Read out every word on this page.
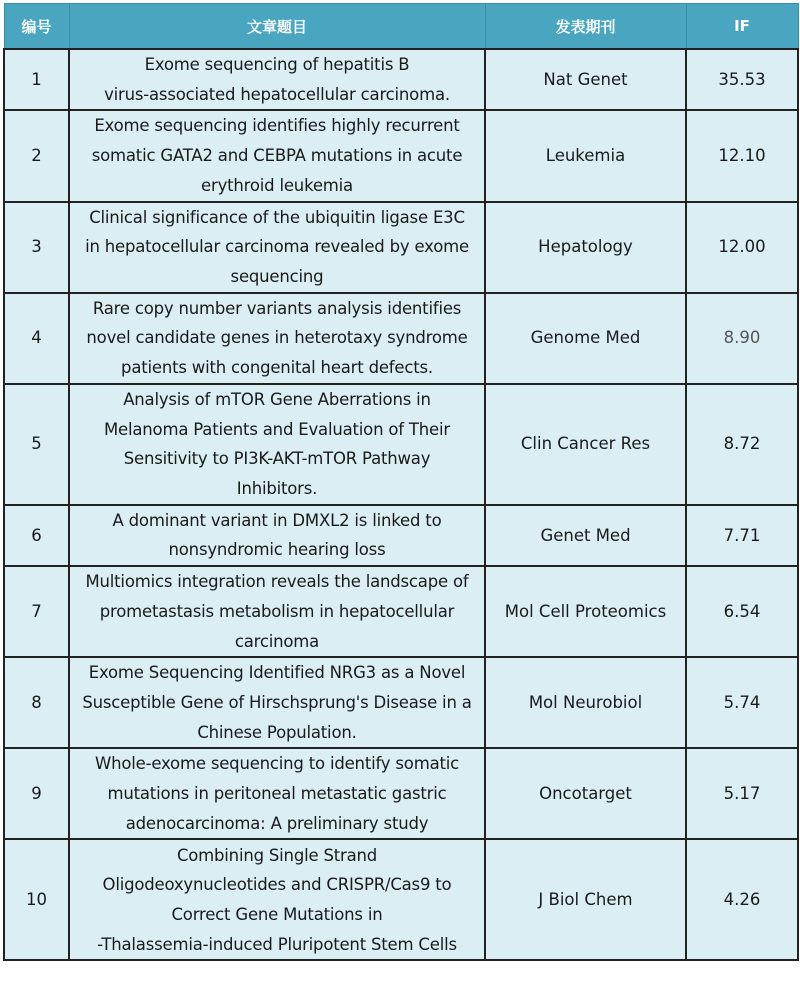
编号	文章题目	发表期刊	IF
1	Exome sequencing of hepatitis B
virus-associated hepatocellular carcinoma.	Nat Genet	35.53
2	Exome sequencing identifies highly recurrent
somatic GATA2 and CEBPA mutations in acute
erythroid leukemia	Leukemia	12.10
3	Clinical significance of the ubiquitin ligase E3C
in hepatocellular carcinoma revealed by exome
sequencing	Hepatology	12.00
4	Rare copy number variants analysis identifies
novel candidate genes in heterotaxy syndrome
patients with congenital heart defects.	Genome Med	8.90
5	Analysis of mTOR Gene Aberrations in
Melanoma Patients and Evaluation of Their
Sensitivity to PI3K-AKT-mTOR Pathway
Inhibitors.	Clin Cancer Res	8.72
6	A dominant variant in DMXL2 is linked to
nonsyndromic hearing loss	Genet Med	7.71
7	Multiomics integration reveals the landscape of
prometastasis metabolism in hepatocellular
carcinoma	Mol Cell Proteomics	6.54
8	Exome Sequencing Identified NRG3 as a Novel
Susceptible Gene of Hirschsprung's Disease in a
Chinese Population.	Mol Neurobiol	5.74
9	Whole-exome sequencing to identify somatic
mutations in peritoneal metastatic gastric
adenocarcinoma: A preliminary study	Oncotarget	5.17
10	Combining Single Strand
Oligodeoxynucleotides and CRISPR/Cas9 to
Correct Gene Mutations in
-Thalassemia-induced Pluripotent Stem Cells	J Biol Chem	4.26
